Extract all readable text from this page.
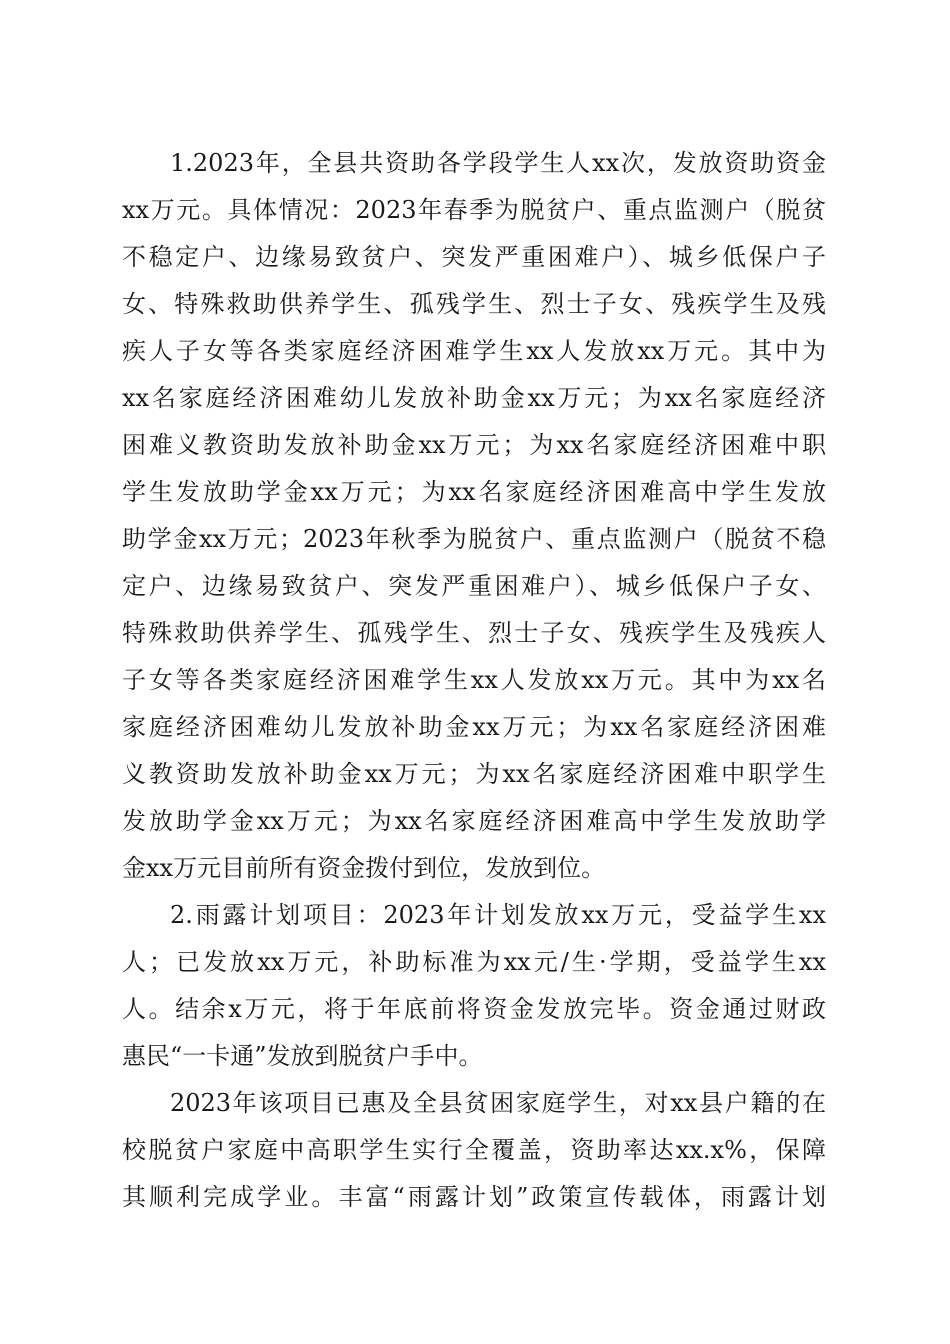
1.2023年，全县共资助各学段学生人xx次，发放资助资金
xx万元。具体情况：2023年春季为脱贫户、重点监测户（脱贫
不稳定户、边缘易致贫户、突发严重困难户）、城乡低保户子
女、特殊救助供养学生、孤残学生、烈士子女、残疾学生及残
疾人子女等各类家庭经济困难学生xx人发放xx万元。其中为
xx名家庭经济困难幼儿发放补助金xx万元；为xx名家庭经济
困难义教资助发放补助金xx万元；为xx名家庭经济困难中职
学生发放助学金xx万元；为xx名家庭经济困难高中学生发放
助学金xx万元；2023年秋季为脱贫户、重点监测户（脱贫不稳
定户、边缘易致贫户、突发严重困难户）、城乡低保户子女、
特殊救助供养学生、孤残学生、烈士子女、残疾学生及残疾人
子女等各类家庭经济困难学生xx人发放xx万元。其中为xx名
家庭经济困难幼儿发放补助金xx万元；为xx名家庭经济困难
义教资助发放补助金xx万元；为xx名家庭经济困难中职学生
发放助学金xx万元；为xx名家庭经济困难高中学生发放助学
金xx万元目前所有资金拨付到位，发放到位。
2.雨露计划项目：2023年计划发放xx万元，受益学生xx
人；已发放xx万元，补助标准为xx元/生·学期，受益学生xx
人。结余x万元，将于年底前将资金发放完毕。资金通过财政
惠民“一卡通”发放到脱贫户手中。
2023年该项目已惠及全县贫困家庭学生，对xx县户籍的在
校脱贫户家庭中高职学生实行全覆盖，资助率达xx.x%，保障
其顺利完成学业。丰富“雨露计划”政策宣传载体，雨露计划
